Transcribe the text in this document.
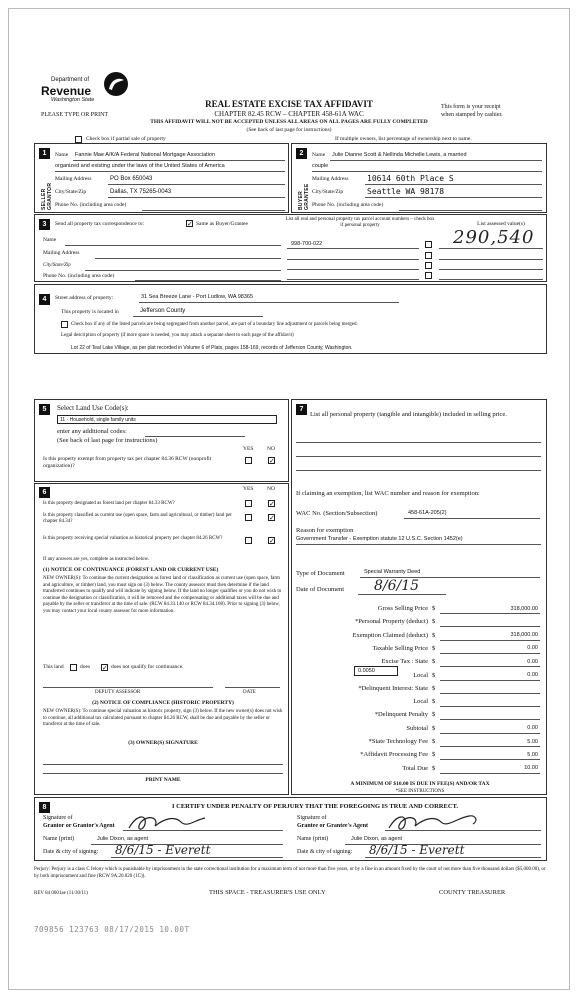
Department of
Revenue
Washington State	REAL ESTATE EXCISE TAX AFFIDAVIT
CHAPTER 82.45 RCW – CHAPTER 458-61A WAC
THIS AFFIDAVIT WILL NOT BE ACCEPTED UNLESS ALL AREAS ON ALL PAGES ARE FULLY COMPLETED
(See back of last page for instructions)
PLEASE TYPE OR PRINT
This form is your receipt
when stamped by cashier.
Check box if partial sale of property	If multiple owners, list percentage of ownership next to name.
1
SELLER GRANTOR
Name Fannie Mae A/K/A Federal National Mortgage Association
organized and existing under the laws of the United States of America
Mailing Address	PO Box 650043
City/State/Zip	Dallas, TX 75265-0043
Phone No. (including area code)
2
BUYER GRANTEE
Name Julie Dianne Scott & Nellinda Michelle Lewis, a married
couple
Mailing Address 10614 60th Place S
City/State/Zip	Seattle WA 98178
Phone No. (including area code)
3	Send all property tax correspondence to:	✓ Same as Buyer/Grantee
Name
Mailing Address
City/State/Zip
Phone No. (including area code)
List all real and personal property tax parcel account numbers – check box if personal property	List assessed value(s)
998-700-022	290,540
4	Street address of property:	31 Sea Breeze Lane - Port Ludlow, WA 98365
This property is located in	Jefferson County
Check box if any of the listed parcels are being segregated from another parcel, are part of a boundary line adjustment or parcels being merged.
Legal description of property (if more space is needed, you may attach a separate sheet to each page of the affidavit)
Lot 22 of Teal Lake Village, as per plat recorded in Volume 6 of Plats, pages 158-169, records of Jefferson County, Washington.
5	Select Land Use Code(s):
11 - Household, single family units
enter any additional codes:
(See back of last page for instructions)
YES NO
Is this property exempt from property tax per chapter 84.36 RCW (nonprofit organization)?
✓
6	YES NO
Is this property designated as forest land per chapter 84.33 RCW?	✓
Is this property classified as current use (open space, farm and agricultural, or timber) land per chapter 84.34?	✓
Is this property receiving special valuation as historical property per chapter 84.26 RCW?	✓
If any answers are yes, complete as instructed below.
(1) NOTICE OF CONTINUANCE (FOREST LAND OR CURRENT USE)
NEW OWNER(S): To continue the current designation as forest land or classification as current use (open space, farm and agriculture, or timber) land, you must sign on (3) below. The county assessor must then determine if the land transferred continues to qualify and will indicate by signing below. If the land no longer qualifies or you do not wish to continue the designation or classification, it will be removed and the compensating or additional taxes will be due and payable by the seller or transferor at the time of sale. (RCW 84.33.140 or RCW 84.34.108). Prior to signing (3) below, you may contact your local county assessor for more information.
This land	does ✓ does not qualify for continuance.
DEPUTY ASSESSOR	DATE
(2) NOTICE OF COMPLIANCE (HISTORIC PROPERTY)
NEW OWNER(S): To continue special valuation as historic property, sign (3) below. If the new owner(s) does not wish to continue, all additional tax calculated pursuant to chapter 84.26 RCW, shall be due and payable by the seller or transferor at the time of sale.
(3) OWNER(S) SIGNATURE
PRINT NAME
7
List all personal property (tangible and intangible) included in selling price.
If claiming an exemption, list WAC number and reason for exemption:
WAC No. (Section/Subsection)	458-61A-205(2)
Reason for exemption
Government Transfer - Exemption statute 12 U.S.C. Section 1452(e)
Type of Document	Special Warranty Deed
Date of Document 8/6/15
Gross Selling Price $	318,000.00
*Personal Property (deduct) $
Exemption Claimed (deduct) $	318,000.00
Taxable Selling Price $	0.00
Excise Tax : State $	0.00
Local $	0.00
*Delinquent Interest: State $
Local $
*Delinquent Penalty $
Subtotal $	0.00
*State Technology Fee $	5.00
*Affidavit Processing Fee $	5.00
Total Due $	10.00
0.0050
A MINIMUM OF $10.00 IS DUE IN FEE(S) AND/OR TAX
*SEE INSTRUCTIONS
8	I CERTIFY UNDER PENALTY OF PERJURY THAT THE FOREGOING IS TRUE AND CORRECT.
Signature of
Grantor or Grantor's Agent
Name (print)	Julie Dixon, as agent
Date & city of signing: 8/6/15 - Everett
Signature of
Grantee or Grantee's Agent
Name (print)	Julie Dixon, as agent
Date & city of signing: 8/6/15 - Everett
Perjury: Perjury is a class C felony which is punishable by imprisonment in the state correctional institution for a maximum term of not more than five years, or by a fine in an amount fixed by the court of not more than five thousand dollars ($5,000.00), or by both imprisonment and fine (RCW 9A.20.020 (1C)).
REV 84 0001ae (11/30/11)	THIS SPACE - TREASURER'S USE ONLY	COUNTY TREASURER
709856 123763 08/17/2015 10.00T
